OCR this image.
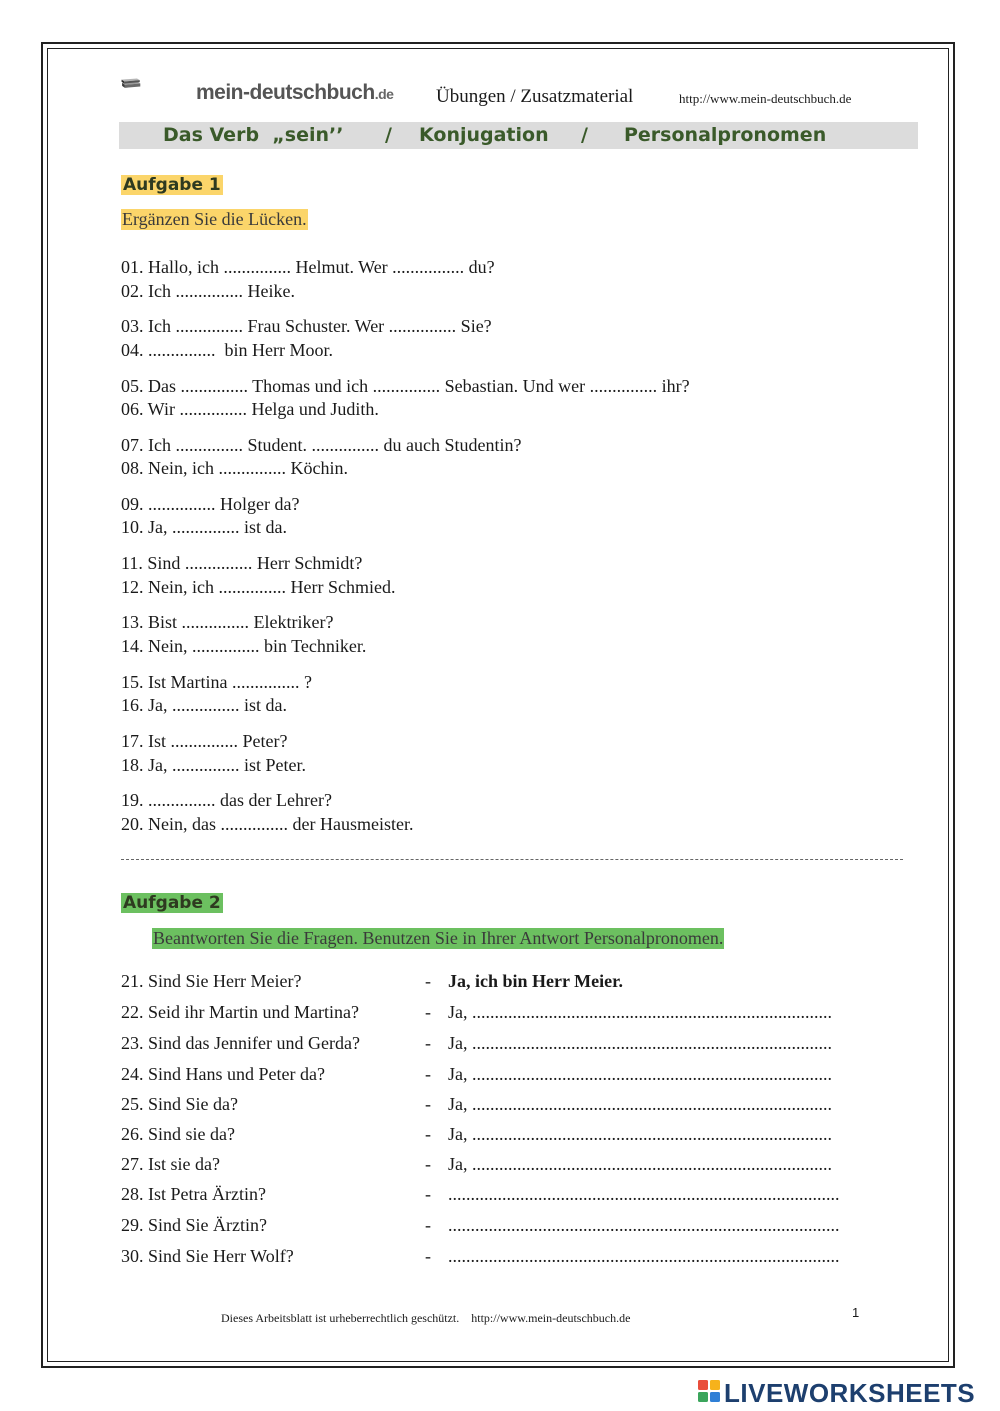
mein-deutschbuch.de Übungen / Zusatzmaterial	http://www.mein-deutschbuch.de

Das Verb  „sein’’

/

Konjugation

/

Personalpronomen

Aufgabe 1
Ergänzen Sie die Lücken.
01. Hallo, ich ............... Helmut. Wer ................ du?
02. Ich ............... Heike.
03. Ich ............... Frau Schuster. Wer ............... Sie?
04. ...............  bin Herr Moor.
05. Das ............... Thomas und ich ............... Sebastian. Und wer ............... ihr?
06. Wir ............... Helga und Judith.
07. Ich ............... Student. ............... du auch Studentin?
08. Nein, ich ............... Köchin.
09. ............... Holger da?
10. Ja, ............... ist da.
11. Sind ............... Herr Schmidt?
12. Nein, ich ............... Herr Schmied.
13. Bist ............... Elektriker?
14. Nein, ............... bin Techniker.
15. Ist Martina ............... ?
16. Ja, ............... ist da.
17. Ist ............... Peter?
18. Ja, ............... ist Peter.
19. ............... das der Lehrer?
20. Nein, das ............... der Hausmeister.
Aufgabe 2
Beantworten Sie die Fragen. Benutzen Sie in Ihrer Antwort Personalpronomen.
21. Sind Sie Herr Meier?	- Ja, ich bin Herr Meier.
22. Seid ihr Martin und Martina?	- Ja, ................................................................................
23. Sind das Jennifer und Gerda?	- Ja, ................................................................................
24. Sind Hans und Peter da?	- Ja, ................................................................................
25. Sind Sie da?	- Ja, ................................................................................
26. Sind sie da?	- Ja, ................................................................................
27. Ist sie da?	- Ja, ................................................................................
28. Ist Petra Ärztin?	- .......................................................................................
29. Sind Sie Ärztin?	- .......................................................................................
30. Sind Sie Herr Wolf?	- .......................................................................................
Dieses Arbeitsblatt ist urheberrechtlich geschützt.    http://www.mein-deutschbuch.de	1
LIVEWORKSHEETS
